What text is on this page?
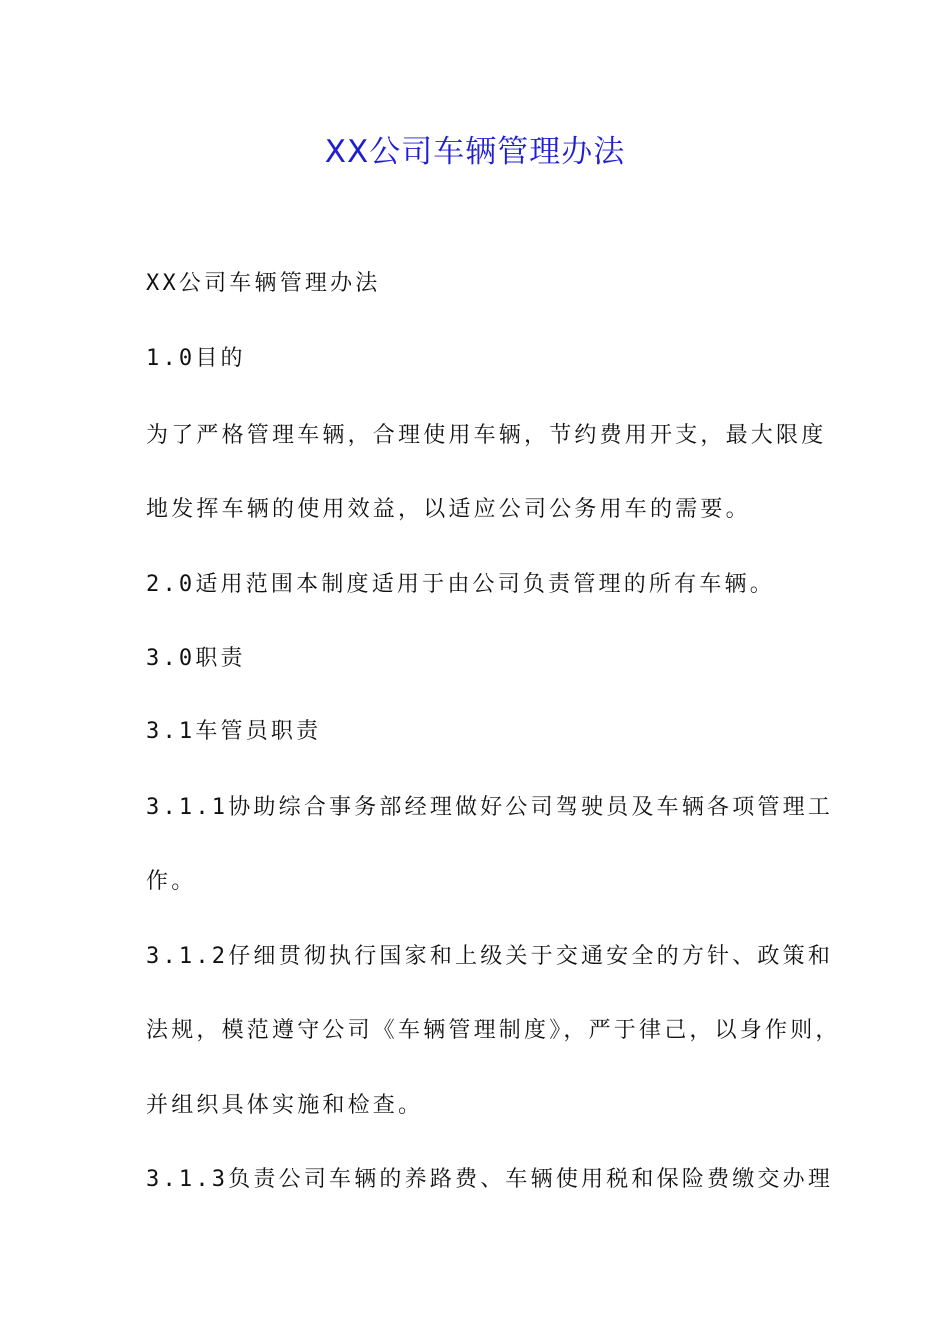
XX公司车辆管理办法
XX公司车辆管理办法
1.0目的
为了严格管理车辆，合理使用车辆，节约费用开支，最大限度
地发挥车辆的使用效益，以适应公司公务用车的需要。
2.0适用范围本制度适用于由公司负责管理的所有车辆。
3.0职责
3.1车管员职责
3.1.1协助综合事务部经理做好公司驾驶员及车辆各项管理工
作。
3.1.2仔细贯彻执行国家和上级关于交通安全的方针、政策和
法规，模范遵守公司《车辆管理制度》，严于律己，以身作则，
并组织具体实施和检查。
3.1.3负责公司车辆的养路费、车辆使用税和保险费缴交办理
